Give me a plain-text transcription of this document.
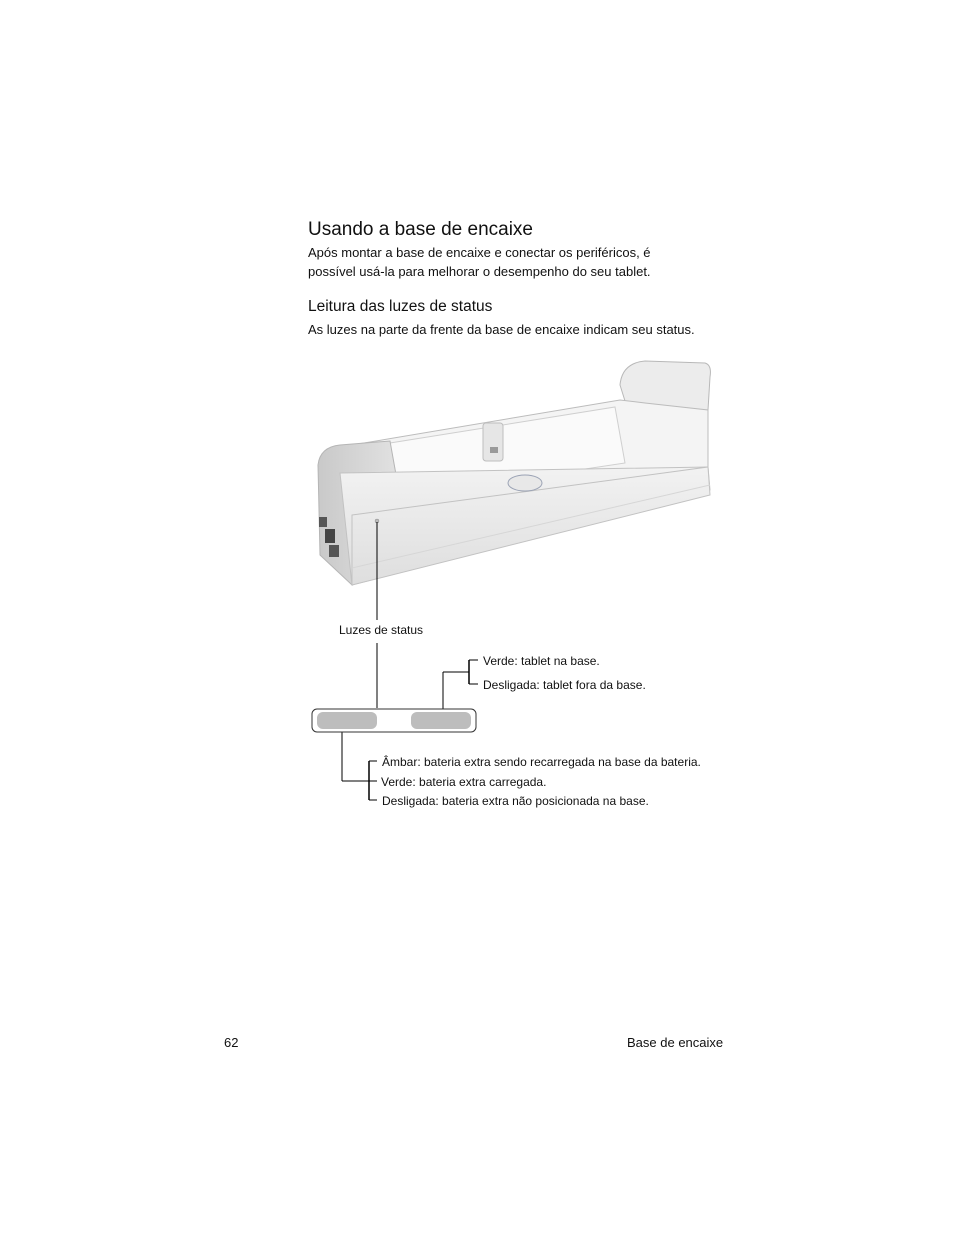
Usando a base de encaixe
Após montar a base de encaixe e conectar os periféricos, é
possível usá-la para melhorar o desempenho do seu tablet.
Leitura das luzes de status
As luzes na parte da frente da base de encaixe indicam seu status.
Luzes de status
Verde: tablet na base.
Desligada: tablet fora da base.
Âmbar: bateria extra sendo recarregada na base da bateria.
Verde: bateria extra carregada.
Desligada: bateria extra não posicionada na base.
62	Base de encaixe
